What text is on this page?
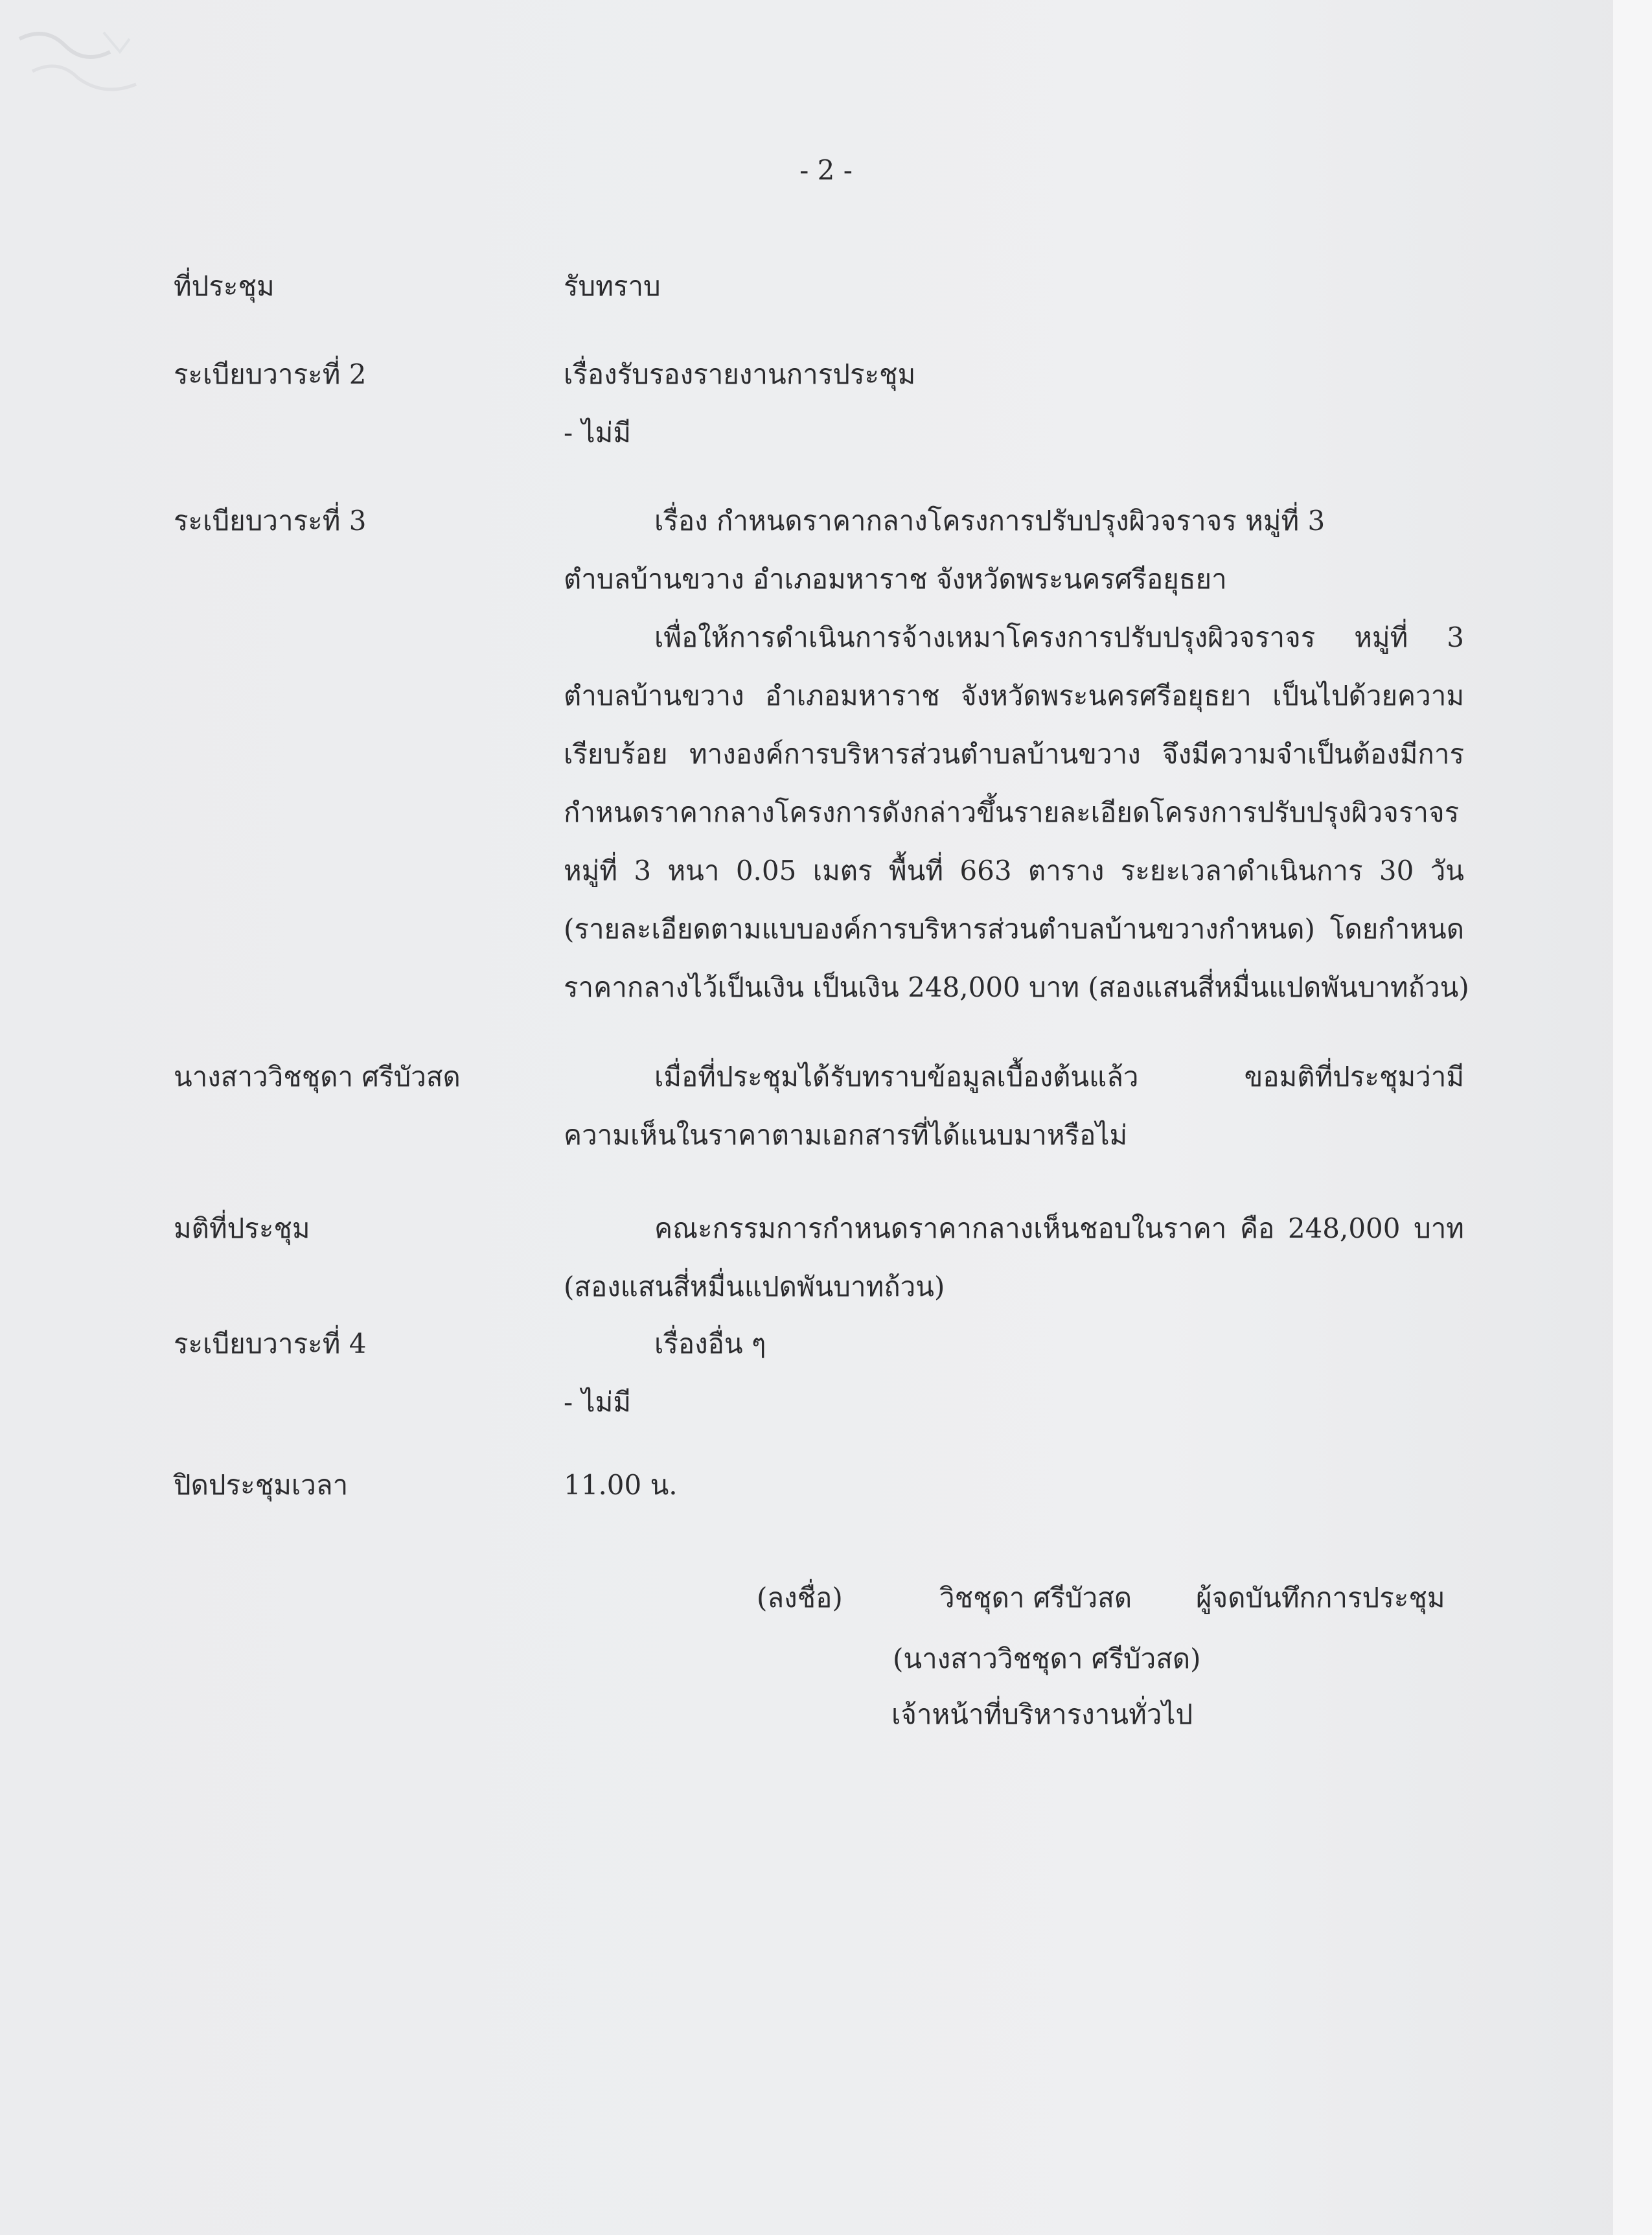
- 2 -
ที่ประชุม	รับทราบ
ระเบียบวาระที่ 2	เรื่องรับรองรายงานการประชุม
- ไม่มี
ระเบียบวาระที่ 3	เรื่อง กำหนดราคากลางโครงการปรับปรุงผิวจราจร หมู่ที่ 3
ตำบลบ้านขวาง อำเภอมหาราช จังหวัดพระนครศรีอยุธยา
เพื่อให้การดำเนินการจ้างเหมาโครงการปรับปรุงผิวจราจร หมู่ที่ 3
ตำบลบ้านขวาง อำเภอมหาราช จังหวัดพระนครศรีอยุธยา เป็นไปด้วยความ
เรียบร้อย ทางองค์การบริหารส่วนตำบลบ้านขวาง จึงมีความจำเป็นต้องมีการ
กำหนดราคากลางโครงการดังกล่าวขึ้นรายละเอียดโครงการปรับปรุงผิวจราจร
หมู่ที่ 3 หนา 0.05 เมตร พื้นที่ 663 ตาราง ระยะเวลาดำเนินการ 30 วัน
(รายละเอียดตามแบบองค์การบริหารส่วนตำบลบ้านขวางกำหนด) โดยกำหนด
ราคากลางไว้เป็นเงิน เป็นเงิน 248,000 บาท (สองแสนสี่หมื่นแปดพันบาทถ้วน)
นางสาววิชชุดา ศรีบัวสด	เมื่อที่ประชุมได้รับทราบข้อมูลเบื้องต้นแล้ว ขอมติที่ประชุมว่ามี
ความเห็นในราคาตามเอกสารที่ได้แนบมาหรือไม่
มติที่ประชุม	คณะกรรมการกำหนดราคากลางเห็นชอบในราคา คือ 248,000 บาท
(สองแสนสี่หมื่นแปดพันบาทถ้วน)
ระเบียบวาระที่ 4	เรื่องอื่น ๆ
- ไม่มี
ปิดประชุมเวลา	11.00 น.
(ลงชื่อ)	วิชชุดา ศรีบัวสด ผู้จดบันทึกการประชุม
(นางสาววิชชุดา ศรีบัวสด)
เจ้าหน้าที่บริหารงานทั่วไป
